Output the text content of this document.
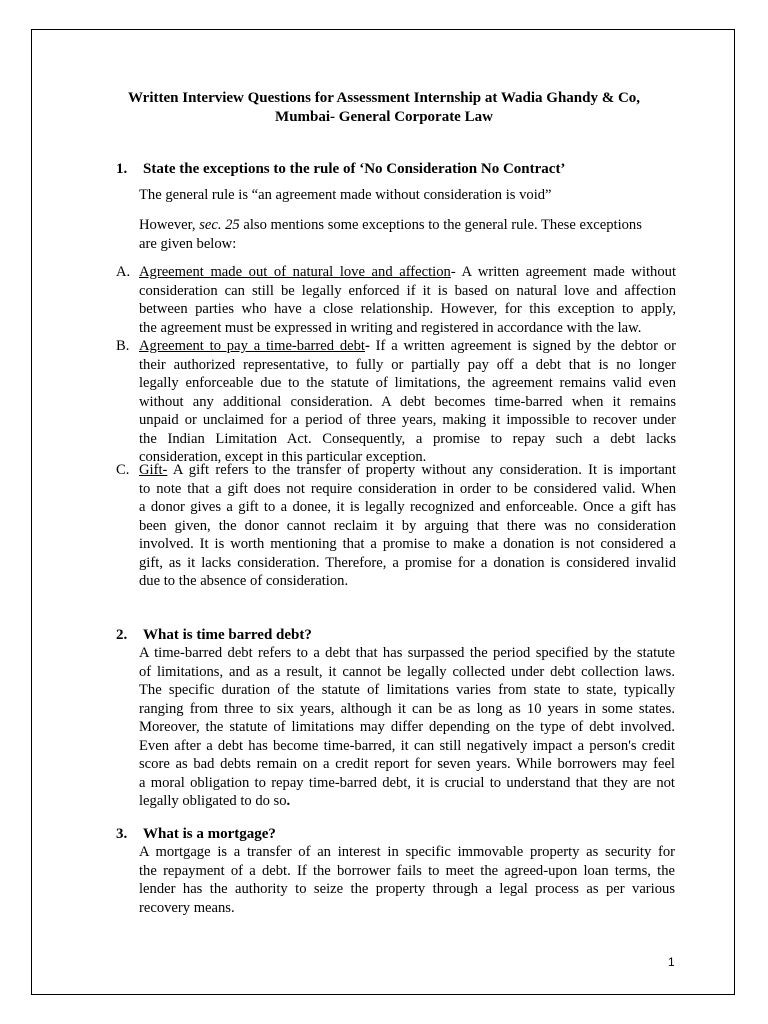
Written Interview Questions for Assessment Internship at Wadia Ghandy & Co,
Mumbai- General Corporate Law
1. State the exceptions to the rule of ‘No Consideration No Contract’
The general rule is “an agreement made without consideration is void”
However, sec. 25 also mentions some exceptions to the general rule. These exceptions
are given below:
A. Agreement made out of natural love and affection- A written agreement made without
consideration can still be legally enforced if it is based on natural love and affection
between parties who have a close relationship. However, for this exception to apply,
the agreement must be expressed in writing and registered in accordance with the law.
B. Agreement to pay a time-barred debt- If a written agreement is signed by the debtor or
their authorized representative, to fully or partially pay off a debt that is no longer
legally enforceable due to the statute of limitations, the agreement remains valid even
without any additional consideration. A debt becomes time-barred when it remains
unpaid or unclaimed for a period of three years, making it impossible to recover under
the Indian Limitation Act. Consequently, a promise to repay such a debt lacks
consideration, except in this particular exception.
C. Gift- A gift refers to the transfer of property without any consideration. It is important
to note that a gift does not require consideration in order to be considered valid. When
a donor gives a gift to a donee, it is legally recognized and enforceable. Once a gift has
been given, the donor cannot reclaim it by arguing that there was no consideration
involved. It is worth mentioning that a promise to make a donation is not considered a
gift, as it lacks consideration. Therefore, a promise for a donation is considered invalid
due to the absence of consideration.
2. What is time barred debt?
A time-barred debt refers to a debt that has surpassed the period specified by the statute
of limitations, and as a result, it cannot be legally collected under debt collection laws.
The specific duration of the statute of limitations varies from state to state, typically
ranging from three to six years, although it can be as long as 10 years in some states.
Moreover, the statute of limitations may differ depending on the type of debt involved.
Even after a debt has become time-barred, it can still negatively impact a person's credit
score as bad debts remain on a credit report for seven years. While borrowers may feel
a moral obligation to repay time-barred debt, it is crucial to understand that they are not
legally obligated to do so.
3. What is a mortgage?
A mortgage is a transfer of an interest in specific immovable property as security for
the repayment of a debt. If the borrower fails to meet the agreed-upon loan terms, the
lender has the authority to seize the property through a legal process as per various
recovery means.
1
